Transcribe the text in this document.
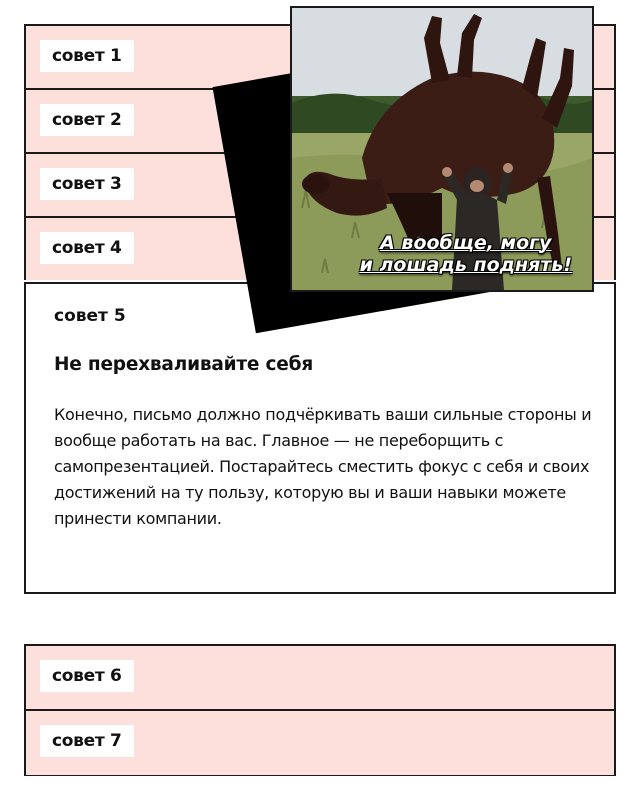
совет 1
совет 2
совет 3
совет 4
совет 5
Не перехваливайте себя

Конечно, письмо должно подчёркивать ваши сильные стороны и вообще работать на вас. Главное — не переборщить с самопрезентацией. Постарайтесь сместить фокус с себя и своих достижений на ту пользу, которую вы и ваши навыки можете принести компании.

А вообще, могу
и лошадь поднять!
совет 6
совет 7
